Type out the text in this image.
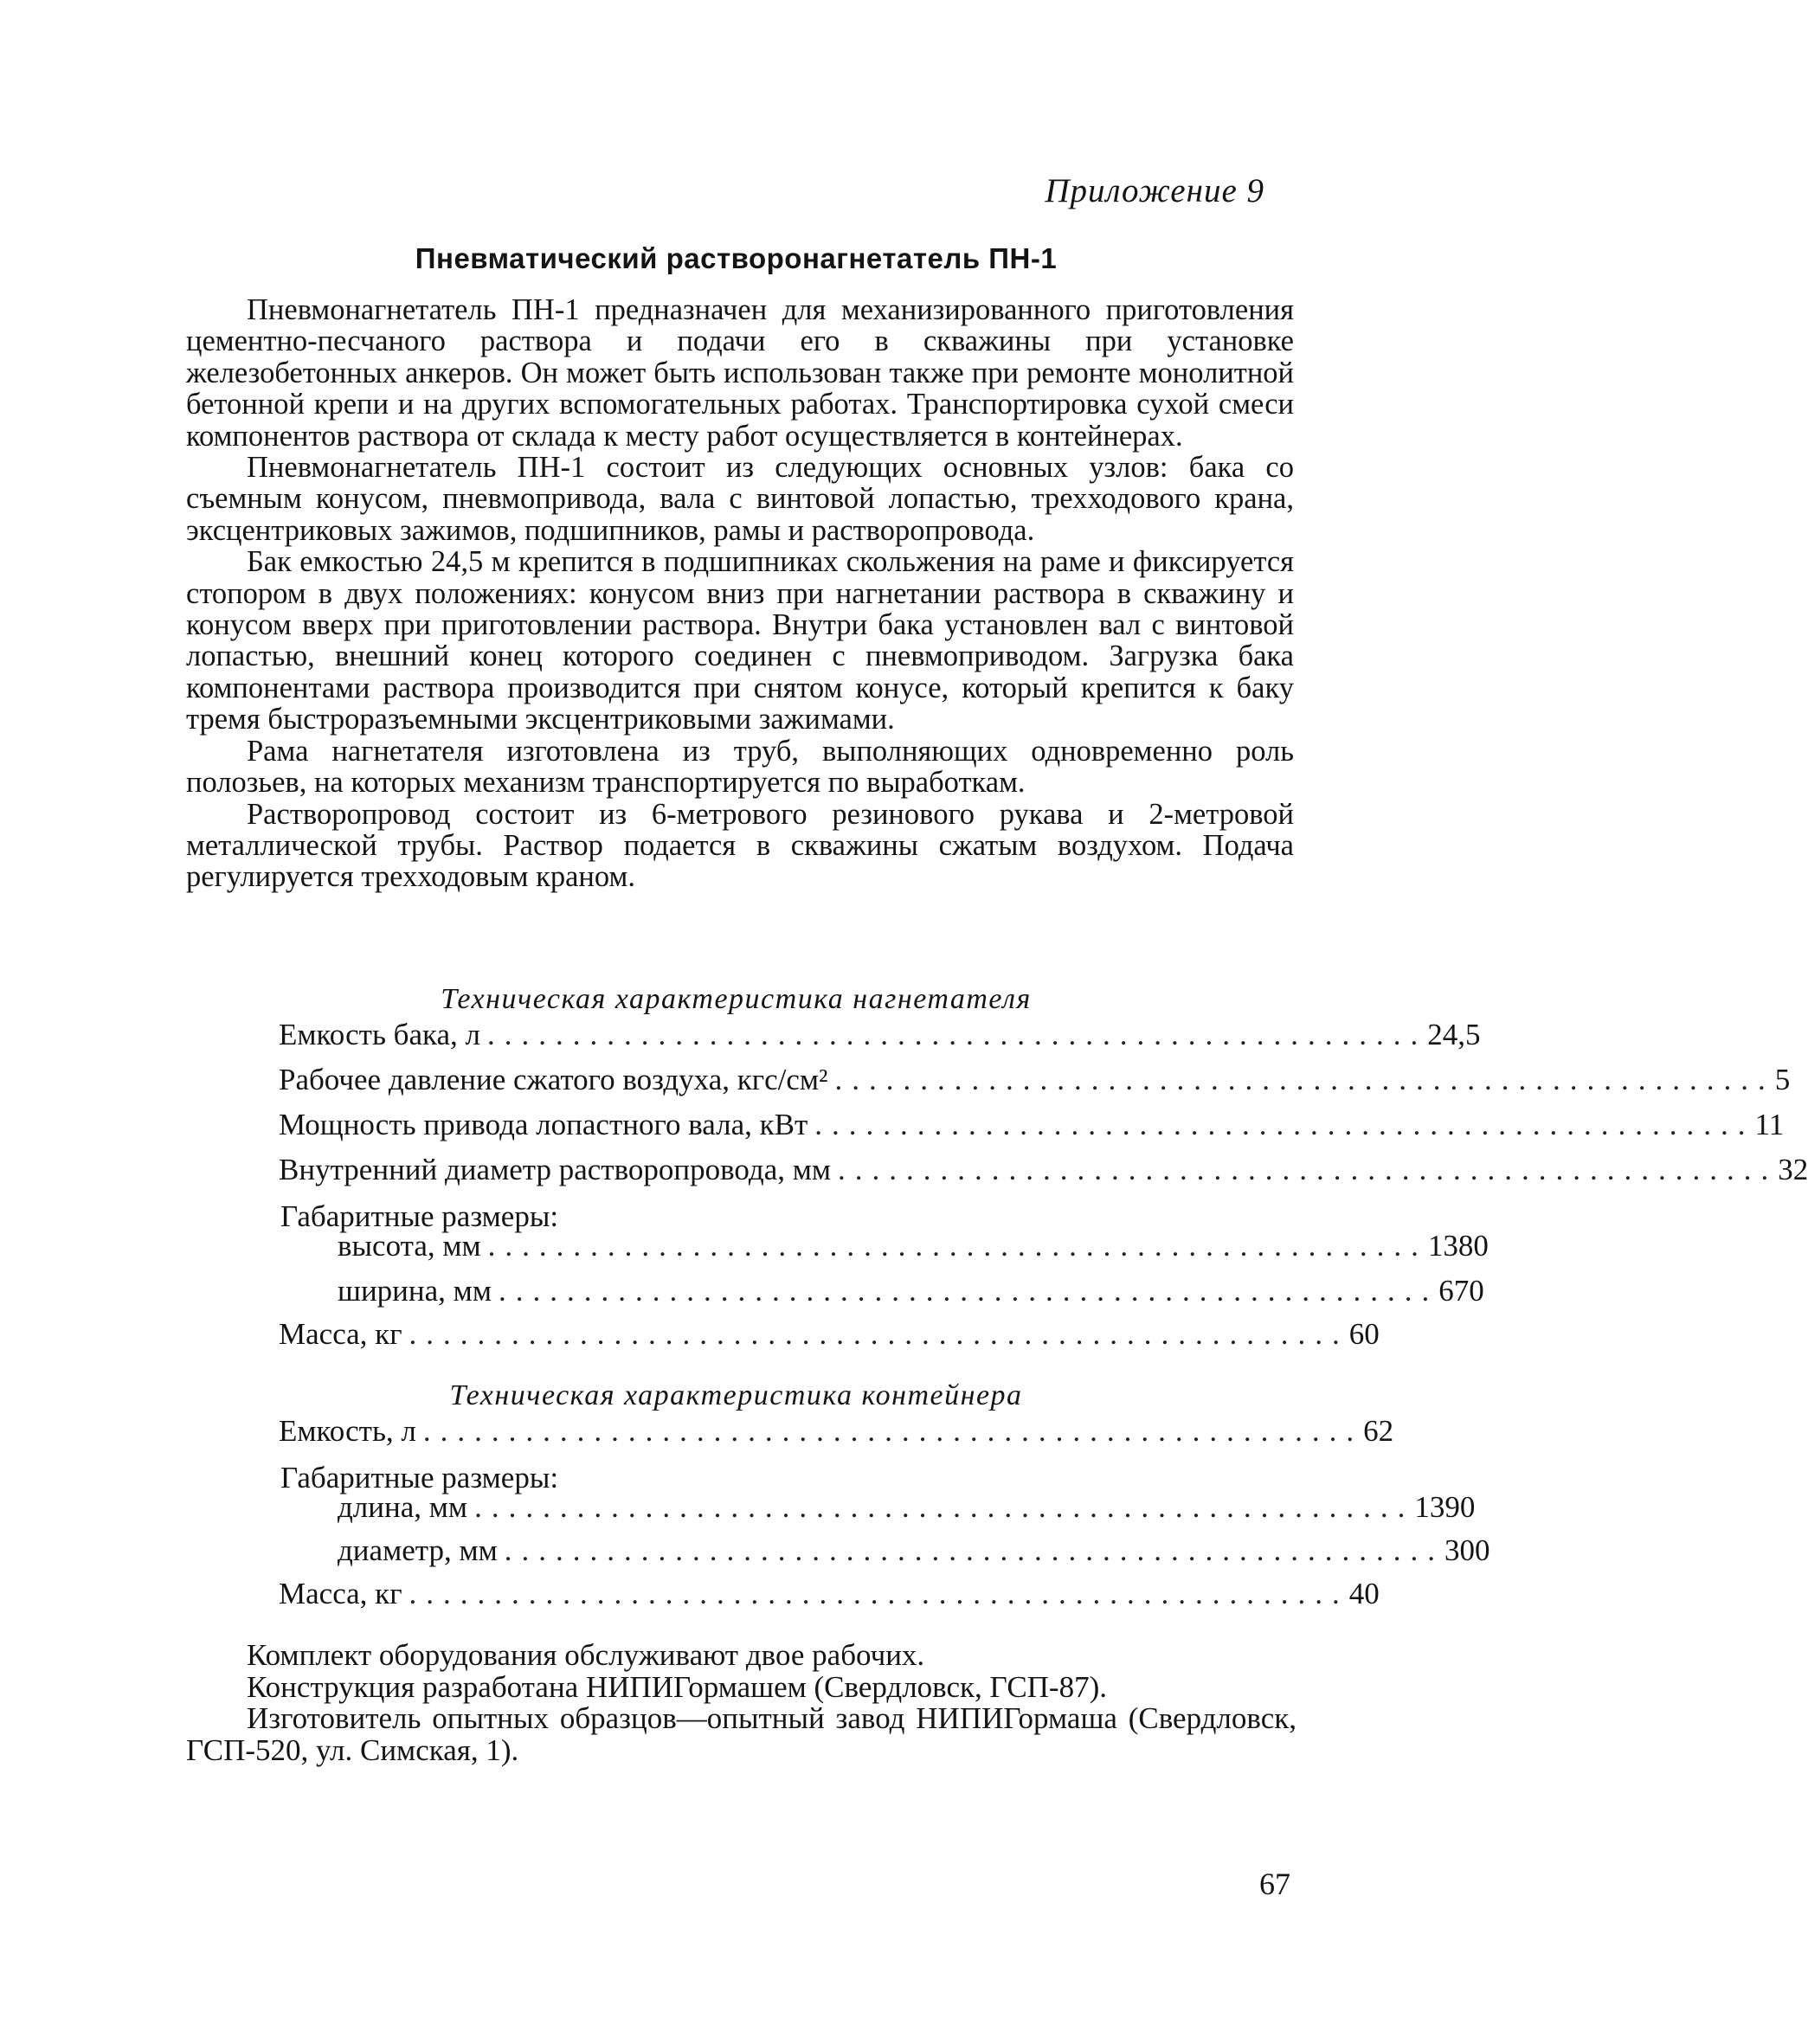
Приложение 9
Пневматический растворонагнетатель ПН-1

Пневмонагнетатель ПН-1 предназначен для механизированного приготовления цементно-песчаного раствора и подачи его в скважины при установке железобетонных анкеров. Он может быть использован также при ремонте монолитной бетонной крепи и на других вспомогательных работах. Транспортировка сухой смеси компонентов раствора от склада к месту работ осуществляется в контейнерах.

Пневмонагнетатель ПН-1 состоит из следующих основных узлов: бака со съемным конусом, пневмопривода, вала с винтовой лопастью, трехходового крана, эксцентриковых зажимов, подшипников, рамы и растворопровода.

Бак емкостью 24,5 м крепится в подшипниках скольжения на раме и фиксируется стопором в двух положениях: конусом вниз при нагнетании раствора в скважину и конусом вверх при приготовлении раствора. Внутри бака установлен вал с винтовой лопастью, внешний конец которого соединен с пневмоприводом. Загрузка бака компонентами раствора производится при снятом конусе, который крепится к баку тремя быстроразъемными эксцентриковыми зажимами.

Рама нагнетателя изготовлена из труб, выполняющих одновременно роль полозьев, на которых механизм транспортируется по выработкам.

Растворопровод состоит из 6-метрового резинового рукава и 2-метровой металлической трубы. Раствор подается в скважины сжатым воздухом. Подача регулируется трехходовым краном.

Техническая характеристика нагнетателя
Емкость бака, л ....................................................... 24,5
Рабочее давление сжатого воздуха, кгс/см² ....................................................... 5
Мощность привода лопастного вала, кВт ....................................................... 11
Внутренний диаметр растворопровода, мм ....................................................... 32
Габаритные размеры:
высота, мм ....................................................... 1380
ширина, мм ....................................................... 670
Масса, кг ....................................................... 60
Техническая характеристика контейнера
Емкость, л ....................................................... 62
Габаритные размеры:
длина, мм ....................................................... 1390
диаметр, мм ....................................................... 300
Масса, кг ....................................................... 40

Комплект оборудования обслуживают двое рабочих.

Конструкция разработана НИПИГормашем (Свердловск, ГСП-87).

Изготовитель опытных образцов—опытный завод НИПИГормаша (Свердловск, ГСП-520, ул. Симская, 1).

67
